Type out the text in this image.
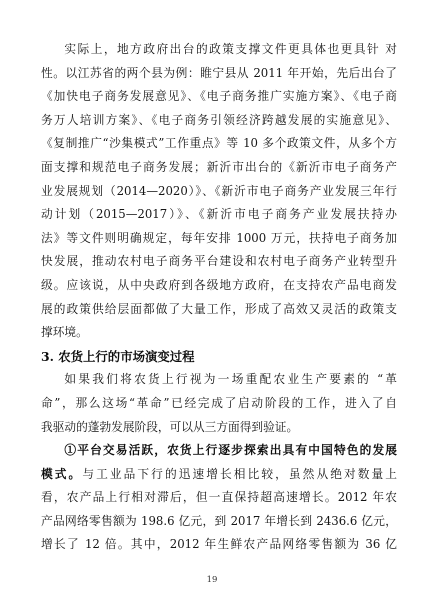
实际上，地方政府出台的政策支撑文件更具体也更具针 对
性。以江苏省的两个县为例：睢宁县从 2011 年开始，先后出台了
《加快电子商务发展意见》、《电子商务推广实施方案》、《电子商
务万人培训方案》、《电子商务引领经济跨越发展的实施意见》、
《复制推广“沙集模式”工作重点》等 10 多个政策文件，从多个方
面支撑和规范电子商务发展；新沂市出台的《新沂市电子商务产
业发展规划（2014—2020）》、《新沂市电子商务产业发展三年行
动计划（2015—2017）》、《新沂市电子商务产业发展扶持办
法》等文件则明确规定，每年安排 1000 万元，扶持电子商务加
快发展，推动农村电子商务平台建设和农村电子商务产业转型升
级。应该说，从中央政府到各级地方政府，在支持农产品电商发
展的政策供给层面都做了大量工作，形成了高效又灵活的政策支
撑环境。
3. 农货上行的市场演变过程
如果我们将农货上行视为一场重配农业生产要素的 “革
命”，那么这场“革命”已经完成了启动阶段的工作，进入了自
我驱动的蓬勃发展阶段，可以从三方面得到验证。
①平台交易活跃，农货上行逐步探索出具有中国特色的发展
模式。与工业品下行的迅速增长相比较，虽然从绝对数量上
看，农产品上行相对滞后，但一直保持超高速增长。2012 年农
产品网络零售额为 198.6 亿元，到 2017 年增长到 2436.6 亿元，
增长了 12 倍。其中，2012 年生鲜农产品网络零售额为 36 亿
19
